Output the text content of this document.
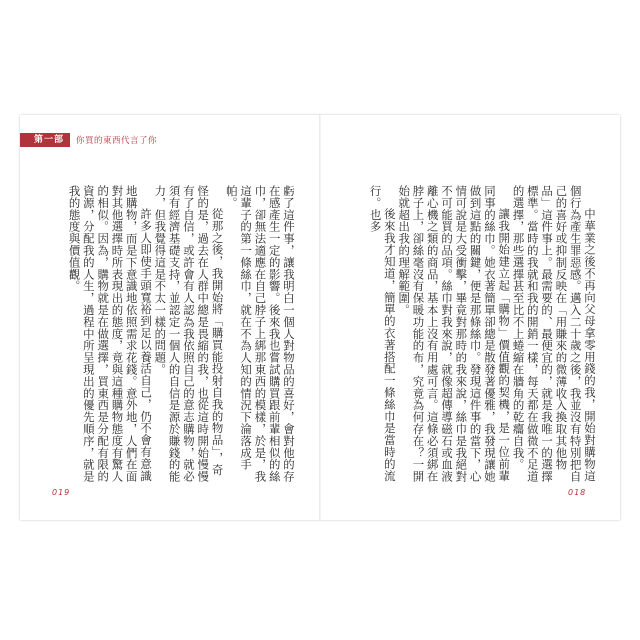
第一部	你買的東西代言了你

虧了這件事，讓我明白一個人對物品的喜好，會對他的存在感產生一定的影響。後來我也嘗試購買跟前輩相似的絲巾，卻無法適應在自己脖子上綁那東西的模樣，於是，我這輩子的第一條絲巾，就在不為人知的情況下淪落成手帕。

從那之後，我開始將「購買能投射自我的物品」，奇怪的是，過去在人群中總是畏縮的我，也從這時開始慢慢有了自信，或許會有人認為我依照自己的意志購物，就必須有經濟基礎支持，並認定一個人的自信是源於賺錢的能力，但我覺得這是不太一樣的問題。

許多人即使手頭寬裕到足以養活自己，仍不會有意識地購物，而是下意識地依照需求花錢。意外地，人們在面對其他選擇時所表現出的態度，竟與這種購物態度有驚人的相似。因為，購物就是在做選擇，買東西是分配有限的資源，分配我的人生，過程中所呈現出的優先順序，就是我的態度與價值觀。	中華業之後不再向父母拿零用錢的我，開始對購物這個行為產生罪惡感。邁入二十歲之後，我並沒有特別把自己的喜好或抑制反映在「用賺來的微薄收入換取其他物品」這件事上。最需要的、最便宜的，就是我唯一的選擇標準。當時的我就和我的開銷一樣，每天都在做微不足道的選擇，那些選擇甚至比不上蜷縮在牆角的乾癟自我。

讓我開始建立起「購物」價值觀的契機，是一位前輩同事的絲巾。她衣著簡單卻總是散發著優雅，我發現讓她做到這點的關鍵，便是那條絲巾。發現這件事的當下，心情可說是大受衝擊，畢竟對那時的我來說，絲巾是我絕對不可能買的品項。絲巾對我來說，就像超傳導磁石或血液離心機之類的商品，基本上沒有用處可言。這條必須綁在脖子上，卻絲毫沒有保暖功能的布，究竟為何存在？一開始就超出我的理解範圍。

後來我才知道，簡單的衣著搭配一條絲巾是當時的流行。也多

019	018
